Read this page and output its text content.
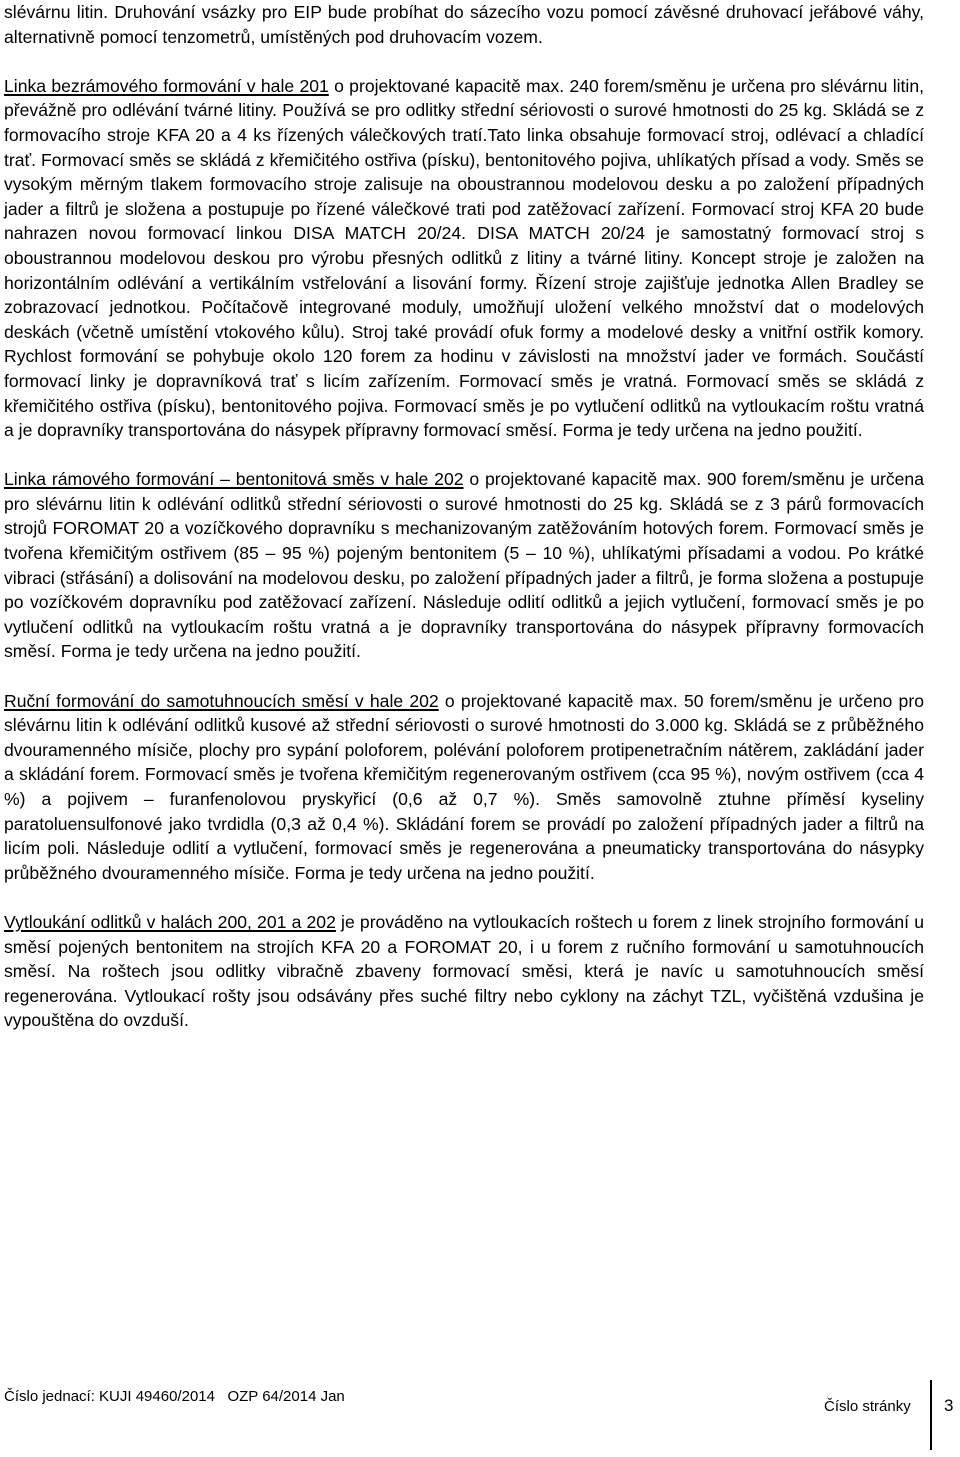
slévárnu litin. Druhování vsázky pro EIP bude probíhat do sázecího vozu pomocí závěsné druhovací jeřábové váhy, alternativně pomocí tenzometrů, umístěných pod druhovacím vozem.

Linka bezrámového formování v hale 201 o projektované kapacitě max. 240 forem/směnu je určena pro slévárnu litin, převážně pro odlévání tvárné litiny. Používá se pro odlitky střední sériovosti o surové hmotnosti do 25 kg. Skládá se z formovacího stroje KFA 20 a 4 ks řízených válečkových tratí.Tato linka obsahuje formovací stroj, odlévací a chladící trať. Formovací směs se skládá z křemičitého ostřiva (písku), bentonitového pojiva, uhlíkatých přísad a vody. Směs se vysokým měrným tlakem formovacího stroje zalisuje na oboustrannou modelovou desku a po založení případných jader a filtrů je složena a postupuje po řízené válečkové trati pod zatěžovací zařízení. Formovací stroj KFA 20 bude nahrazen novou formovací linkou DISA MATCH 20/24. DISA MATCH 20/24 je samostatný formovací stroj s oboustrannou modelovou deskou pro výrobu přesných odlitků z litiny a tvárné litiny. Koncept stroje je založen na horizontálním odlévání a vertikálním vstřelování a lisování formy. Řízení stroje zajišťuje jednotka Allen Bradley se zobrazovací jednotkou. Počítačově integrované moduly, umožňují uložení velkého množství dat o modelových deskách (včetně umístění vtokového kůlu). Stroj také provádí ofuk formy a modelové desky a vnitřní ostřik komory. Rychlost formování se pohybuje okolo 120 forem za hodinu v závislosti na množství jader ve formách. Součástí formovací linky je dopravníková trať s licím zařízením. Formovací směs je vratná. Formovací směs se skládá z křemičitého ostřiva (písku), bentonitového pojiva. Formovací směs je po vytlučení odlitků na vytloukacím roštu vratná a je dopravníky transportována do násypek přípravny formovací směsí. Forma je tedy určena na jedno použití.

Linka rámového formování – bentonitová směs v hale 202 o projektované kapacitě max. 900 forem/směnu je určena pro slévárnu litin k odlévání odlitků střední sériovosti o surové hmotnosti do 25 kg. Skládá se z 3 párů formovacích strojů FOROMAT 20 a vozíčkového dopravníku s mechanizovaným zatěžováním hotových forem. Formovací směs je tvořena křemičitým ostřivem (85 – 95 %) pojeným bentonitem (5 – 10 %), uhlíkatými přísadami a vodou. Po krátké vibraci (střásání) a dolisování na modelovou desku, po založení případných jader a filtrů, je forma složena a postupuje po vozíčkovém dopravníku pod zatěžovací zařízení. Následuje odlití odlitků a jejich vytlučení, formovací směs je po vytlučení odlitků na vytloukacím roštu vratná a je dopravníky transportována do násypek přípravny formovacích směsí. Forma je tedy určena na jedno použití.

Ruční formování do samotuhnoucích směsí v hale 202 o projektované kapacitě max. 50 forem/směnu je určeno pro slévárnu litin k odlévání odlitků kusové až střední sériovosti o surové hmotnosti do 3.000 kg. Skládá se z průběžného dvouramenného mísiče, plochy pro sypání poloforem, polévání poloforem protipenetračním nátěrem, zakládání jader a skládání forem. Formovací směs je tvořena křemičitým regenerovaným ostřivem (cca 95 %), novým ostřivem (cca 4 %) a pojivem – furanfenolovou pryskyřicí (0,6 až 0,7 %). Směs samovolně ztuhne příměsí kyseliny paratoluensulfonové jako tvrdidla (0,3 až 0,4 %). Skládání forem se provádí po založení případných jader a filtrů na licím poli. Následuje odlití a vytlučení, formovací směs je regenerována a pneumaticky transportována do násypky průběžného dvouramenného mísiče. Forma je tedy určena na jedno použití.

Vytloukání odlitků v halách 200, 201 a 202 je prováděno na vytloukacích roštech u forem z linek strojního formování u směsí pojených bentonitem na strojích KFA 20 a FOROMAT 20, i u forem z ručního formování u samotuhnoucích směsí. Na roštech jsou odlitky vibračně zbaveny formovací směsi, která je navíc u samotuhnoucích směsí regenerována. Vytloukací rošty jsou odsávány přes suché filtry nebo cyklony na záchyt TZL, vyčištěná vzdušina je vypouštěna do ovzduší.

Číslo jednací: KUJI 49460/2014   OZP 64/2014 Jan
Číslo stránky 3
